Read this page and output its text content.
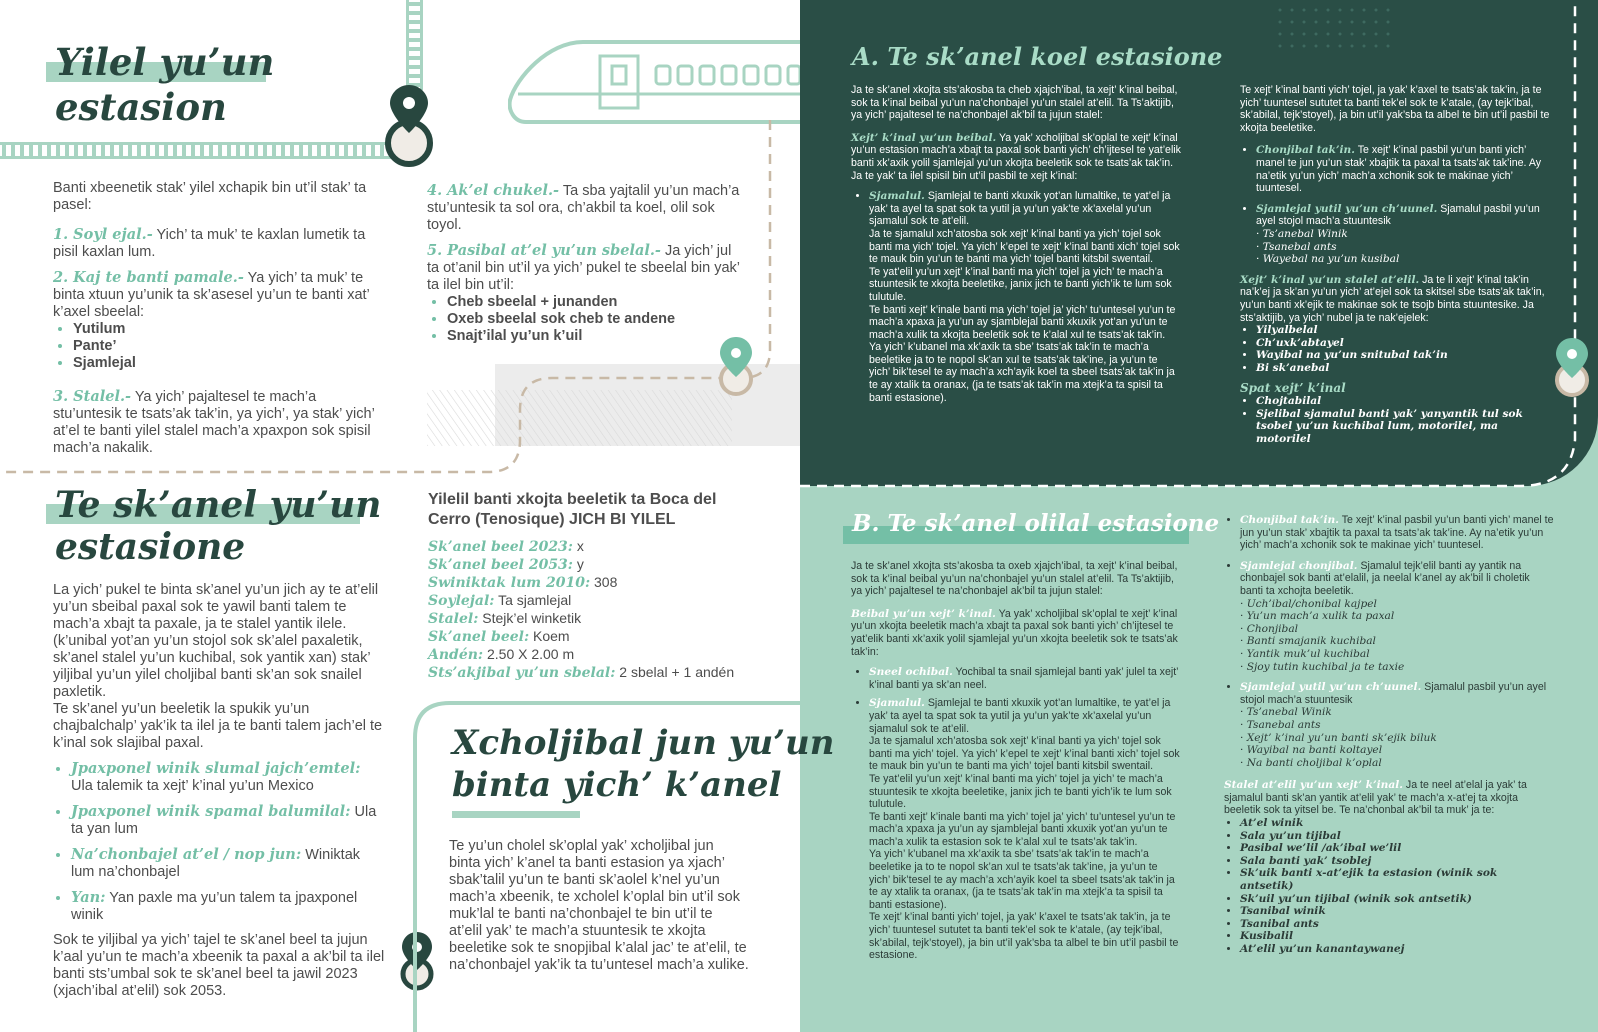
Yilel yu’un
estasion
Banti xbeenetik stak’ yilel xchapik bin ut’il stak’ ta pasel:
1. Soyl ejal.- Yich’ ta muk’ te kaxlan lumetik ta pisil kaxlan lum.
2. Kaj te banti pamale.- Ya yich’ ta muk’ te binta xtuun yu’unik ta sk’asesel yu’un te banti xat’ k’axel sbeelal:
• Yutilum
• Pante’
• Sjamlejal
3. Stalel.- Ya yich’ pajaltesel te mach’a stu’untesik te tsats’ak tak’in, ya yich’, ya stak’ yich’ at’el te banti yilel stalel mach’a xpaxpon sok spisil mach’a nakalik.
4. Ak’el chukel.- Ta sba yajtalil yu’un mach’a stu’untesik ta sol ora, ch’akbil ta koel, olil sok toyol.
5. Pasibal at’el yu’un sbelal.- Ja yich’ jul ta ot’anil bin ut’il ya yich’ pukel te sbeelal bin yak’ ta ilel bin ut’il:
• Cheb sbeelal + junanden
• Oxeb sbeelal sok cheb te andene
• Snajt’ilal yu’un k’uil
Te sk’anel yu’un
estasione
La yich’ pukel te binta sk’anel yu’un jich ay te at’elil yu’un sbeibal paxal sok te yawil banti talem te mach’a xbajt ta paxale, ja te stalel yantik ilele. (k’unibal yot’an yu’un stojol sok sk’alel paxaletik, sk’anel stalel yu’un kuchibal, sok yantik xan) stak’ yiljibal yu’un yilel choljibal banti sk’an sok snailel paxletik.
Te sk’anel yu’un beeletik la spukik yu’un chajbalchalp’ yak’ik ta ilel ja te banti talem jach’el te k’inal sok slajibal paxal.
• Jpaxponel winik slumal jajch’emtel: Ula talemik ta xejt’ k’inal yu’un Mexico
• Jpaxponel winik spamal balumilal: Ula ta yan lum
• Na’chonbajel at’el / nop jun: Winiktak lum na’chonbajel
• Yan: Yan paxle ma yu’un talem ta jpaxponel winik
Sok te yiljibal ya yich’ tajel te sk’anel beel ta jujun k’aal yu’un te mach’a xbeenik ta paxal a ak’bil ta ilel banti sts’umbal sok te sk’anel beel ta jawil 2023 (xjach’ibal at’elil) sok 2053.
Yilelil banti xkojta beeletik ta Boca del Cerro (Tenosique) JICH BI YILEL
Sk’anel beel 2023: x
Sk’anel beel 2053: y
Swiniktak lum 2010: 308
Soylejal: Ta sjamlejal
Stalel: Stejk’el winketik
Sk’anel beel: Koem
Andén: 2.50 X 2.00 m
Sts’akjibal yu’un sbelal: 2 sbelal + 1 andén
Xcholjibal jun yu’un
binta yich’ k’anel
Te yu’un cholel sk’oplal yak’ xcholjibal jun binta yich’ k’anel ta banti estasion ya xjach’ sbak’talil yu’un te banti sk’aolel k’nel yu’un mach’a xbeenik, te xcholel k’oplal bin ut’il sok muk’lal te banti na’chonbajel te bin ut’il te at’elil yak’ te mach’a stuuntesik te xkojta beeletike sok te snopjibal k’alal jac’ te at’elil, te na’chonbajel yak’ik ta tu’untesel mach’a xulike.
A. Te sk’anel koel estasione
Ja te sk’anel xkojta sts’akosba ta cheb xjajch’ibal, ta xejt’ k’inal beibal, sok ta k’inal beibal yu’un na’chonbajel yu’un stalel at’elil. Ta Ts’aktijib, ya yich’ pajaltesel te na’chonbajel ak’bil ta jujun stalel:
Xejt’ k’inal yu’un beibal. Ya yak’ xcholjibal sk’oplal te xejt’ k’inal yu’un estasion mach’a xbajt ta paxal sok banti yich’ ch’ijtesel te yat’elik banti xk’axik yolil sjamlejal yu’un xkojta beeletik sok te tsats’ak tak’in. Ja te yak’ ta ilel spisil bin ut’il pasbil te xejt k’inal:
• Sjamalul. Sjamlejal te banti xkuxik yot’an lumaltike, te yat’el ja yak’ ta ayel ta spat sok ta yutil ja yu’un yak’te xk’axelal yu’un sjamalul sok te at’elil.
Ja te sjamalul xch’atosba sok xejt’ k’inal banti ya yich’ tojel sok banti ma yich’ tojel. Ya yich’ k’epel te xejt’ k’inal banti xich’ tojel sok te mauk bin yu’un te banti ma yich’ tojel banti kitsbil swentail.
Te yat’elil yu’un xejt’ k’inal banti ma yich’ tojel ja yich’ te mach’a stuuntesik te xkojta beeletike, janix jich te banti yich’ik te lum sok tulutule.
Te banti xejt’ k’inale banti ma yich’ tojel ja’ yich’ tu’untesel yu’un te mach’a xpaxa ja yu’un ay sjamblejal banti xkuxik yot’an yu’un te mach’a xulik ta xkojta beeletik sok te k’alal xul te tsats’ak tak’in.
Ya yich’ k’ubanel ma xk’axik ta sbe’ tsats’ak tak’in te mach’a beeletike ja to te nopol sk’an xul te tsats’ak tak’ine, ja yu’un te yich’ bik’tesel te ay mach’a xch’ayik koel ta sbeel tsats’ak tak’in ja te ay xtalik ta oranax, (ja te tsats’ak tak’in ma xtejk’a ta spisil ta banti estasione).
Te xejt’ k’inal banti yich’ tojel, ja yak’ k’axel te tsats’ak tak’in, ja te yich’ tuuntesel sututet ta banti tek’el sok te k’atale, (ay tejk’ibal, sk’abilal, tejk’stoyel), ja bin ut’il yak’sba ta albel te bin ut’il pasbil te xkojta beeletike.
• Chonjibal tak’in. Te xejt’ k’inal pasbil yu’un banti yich’ manel te jun yu’un stak’ xbajtik ta paxal ta tsats’ak tak’ine. Ay na’etik yu’un yich’ mach’a xchonik sok te makinae yich’ tuuntesel.
• Sjamlejal yutil yu’un ch’uunel. Sjamalul pasbil yu’un ayel stojol mach’a stuuntesik
· Ts’anebal Winik
· Tsanebal ants
· Wayebal na yu’un kusibal
Xejt’ k’inal yu’un stalel at’elil. Ja te li xejt’ k’inal tak’in na’k’ej ja sk’an yu’un yich’ at’ejel sok ta skitsel sbe tsats’ak tak’in, yu’un banti xk’ejik te makinae sok te tsojb binta stuuntesike. Ja sts’aktijib, ya yich’ nubel ja te nak’ejelek:
• Yilyalbelal
• Ch’uxk’abtayel
• Wayibal na yu’un snitubal tak’in
• Bi sk’anebal
Spat xejt’ k’inal
• Chojtabilal
• Sjelibal sjamalul banti yak’ yanyantik tul sok tsobel yu’un kuchibal lum, motorilel, ma motorilel
B. Te sk’anel olilal estasione
Ja te sk’anel xkojta sts’akosba ta oxeb xjajch’ibal, ta xejt’ k’inal beibal, sok ta k’inal beibal yu’un na’chonbajel yu’un stalel at’elil. Ta Ts’aktijib, ya yich’ pajaltesel te na’chonbajel ak’bil ta jujun stalel:
Beibal yu’un xejt’ k’inal. Ya yak’ xcholjibal sk’oplal te xejt’ k’inal yu’un xkojta beeletik mach’a xbajt ta paxal sok banti yich’ ch’ijtesel te yat’elik banti xk’axik yolil sjamlejal yu’un xkojta beeletik sok te tsats’ak tak’in:
• Sneel ochibal. Yochibal ta snail sjamlejal banti yak’ julel ta xejt’ k’inal banti ya sk’an neel.
• Sjamalul. Sjamlejal te banti xkuxik yot’an lumaltike, te yat’el ja yak’ ta ayel ta spat sok ta yutil ja yu’un yak’te xk’axelal yu’un sjamalul sok te at’elil.
Ja te sjamalul xch’atosba sok xejt’ k’inal banti ya yich’ tojel sok banti ma yich’ tojel. Ya yich’ k’epel te xejt’ k’inal banti xich’ tojel sok te mauk bin yu’un te banti ma yich’ tojel banti kitsbil swentail.
Te yat’elil yu’un xejt’ k’inal banti ma yich’ tojel ja yich’ te mach’a stuuntesik te xkojta beeletike, janix jich te banti yich’ik te lum sok tulutule.
Te banti xejt’ k’inale banti ma yich’ tojel ja’ yich’ tu’untesel yu’un te mach’a xpaxa ja yu’un ay sjamblejal banti xkuxik yot’an yu’un te mach’a xulik ta estasion sok te k’alal xul te tsats’ak tak’in.
Ya yich’ k’ubanel ma xk’axik ta sbe’ tsats’ak tak’in te mach’a beeletike ja to te nopol sk’an xul te tsats’ak tak’ine, ja yu’un te yich’ bik’tesel te ay mach’a xch’ayik koel ta sbeel tsats’ak tak’in ja te ay xtalik ta oranax, (ja te tsats’ak tak’in ma xtejk’a ta spisil ta banti estasione).
Te xejt’ k’inal banti yich’ tojel, ja yak’ k’axel te tsats’ak tak’in, ja te yich’ tuuntesel sututet ta banti tek’el sok te k’atale, (ay tejk’ibal, sk’abilal, tejk’stoyel), ja bin ut’il yak’sba ta albel te bin ut’il pasbil te estasione.
• Chonjibal tak’in. Te xejt’ k’inal pasbil yu’un banti yich’ manel te jun yu’un stak’ xbajtik ta paxal ta tsats’ak tak’ine. Ay na’etik yu’un yich’ mach’a xchonik sok te makinae yich’ tuuntesel.
• Sjamlejal chonjibal. Sjamalul tejk’elil banti ay yantik na chonbajel sok banti at’elalil, ja neelal k’anel ay ak’bil li choletik banti ta xchojta beeletik.
· Uch’ibal/chonibal kajpel
· Yu’un mach’a xulik ta paxal
· Chonjibal
· Banti smajanik kuchibal
· Yantik muk’ul kuchibal
· Sjoy tutin kuchibal ja te taxie
• Sjamlejal yutil yu’un ch’uunel. Sjamalul pasbil yu’un ayel stojol mach’a stuuntesik
· Ts’anebal Winik
· Tsanebal ants
· Xejt’ k’inal yu’un banti sk’ejik biluk
· Wayibal na banti koltayel
· Na banti choljibal k’oplal
Stalel at’elil yu’un xejt’ k’inal. Ja te neel at’elal ja yak’ ta sjamalul banti sk’an yantik at’elil yak’ te mach’a x-at’ej ta xkojta beeletik sok ta yitsel be. Te na’chonbal ak’bil ta muk’ ja te:
• At’el winik
• Sala yu’un tijibal
• Pasibal we’lil /ak’ibal we’lil
• Sala banti yak’ tsoblej
• Sk’uik banti x-at’ejik ta estasion (winik sok antsetik)
• Sk’uil yu’un tijibal (winik sok antsetik)
• Tsanibal winik
• Tsanibal ants
• Kusibalil
• At’elil yu’un kanantaywanej
